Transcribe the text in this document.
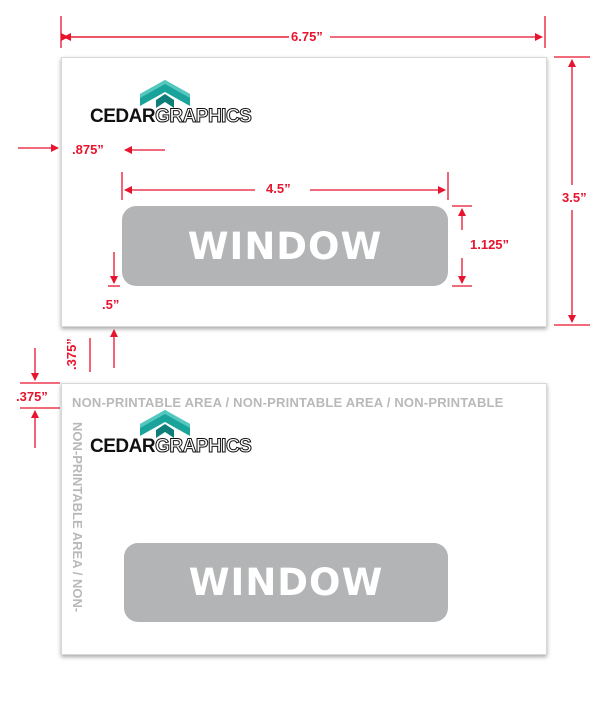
CEDARGRAPHICS
WINDOW
NON-PRINTABLE AREA / NON-PRINTABLE AREA / NON-PRINTABLE
NON-PRINTABLE AREA / NON- CEDARGRAPHICS
WINDOW
6.75”
3.5”
.875”
4.5”
1.125”
.5”
.375”
.375”
